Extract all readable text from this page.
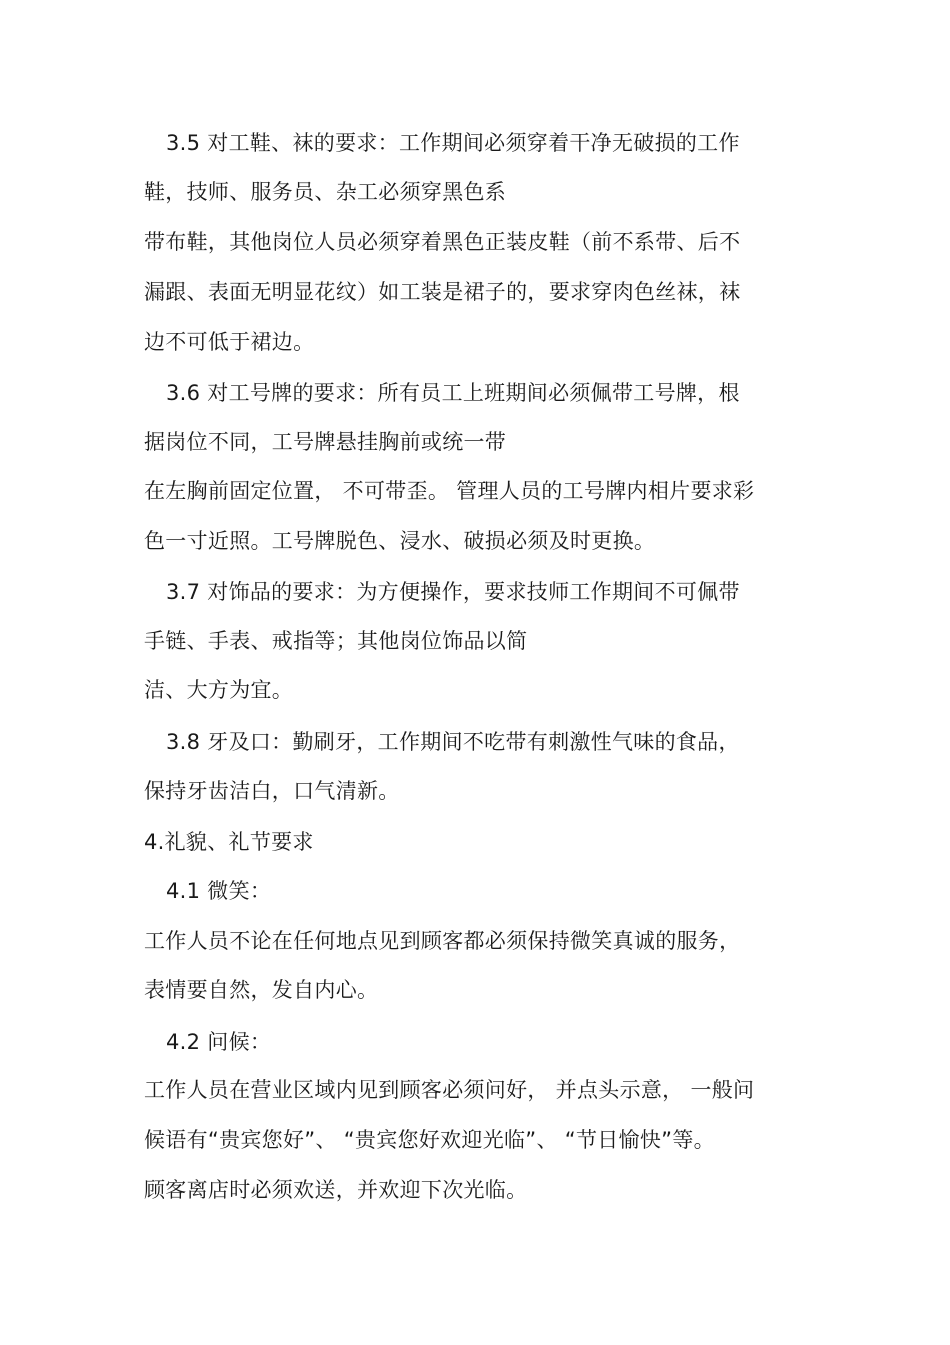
3.5 对工鞋、袜的要求：工作期间必须穿着干净无破损的工作
鞋，技师、服务员、杂工必须穿黑色系
带布鞋，其他岗位人员必须穿着黑色正装皮鞋（前不系带、后不
漏跟、表面无明显花纹）如工装是裙子的，要求穿肉色丝袜，袜
边不可低于裙边。
3.6 对工号牌的要求：所有员工上班期间必须佩带工号牌，根
据岗位不同，工号牌悬挂胸前或统一带
在左胸前固定位置， 不可带歪。 管理人员的工号牌内相片要求彩
色一寸近照。工号牌脱色、浸水、破损必须及时更换。
3.7 对饰品的要求：为方便操作，要求技师工作期间不可佩带
手链、手表、戒指等；其他岗位饰品以简
洁、大方为宜。
3.8 牙及口：勤刷牙，工作期间不吃带有刺激性气味的食品，
保持牙齿洁白，口气清新。
4.礼貌、礼节要求
4.1 微笑：
工作人员不论在任何地点见到顾客都必须保持微笑真诚的服务，
表情要自然，发自内心。
4.2 问候：
工作人员在营业区域内见到顾客必须问好， 并点头示意， 一般问
候语有“贵宾您好”、 “贵宾您好欢迎光临”、 “节日愉快”等。
顾客离店时必须欢送，并欢迎下次光临。
